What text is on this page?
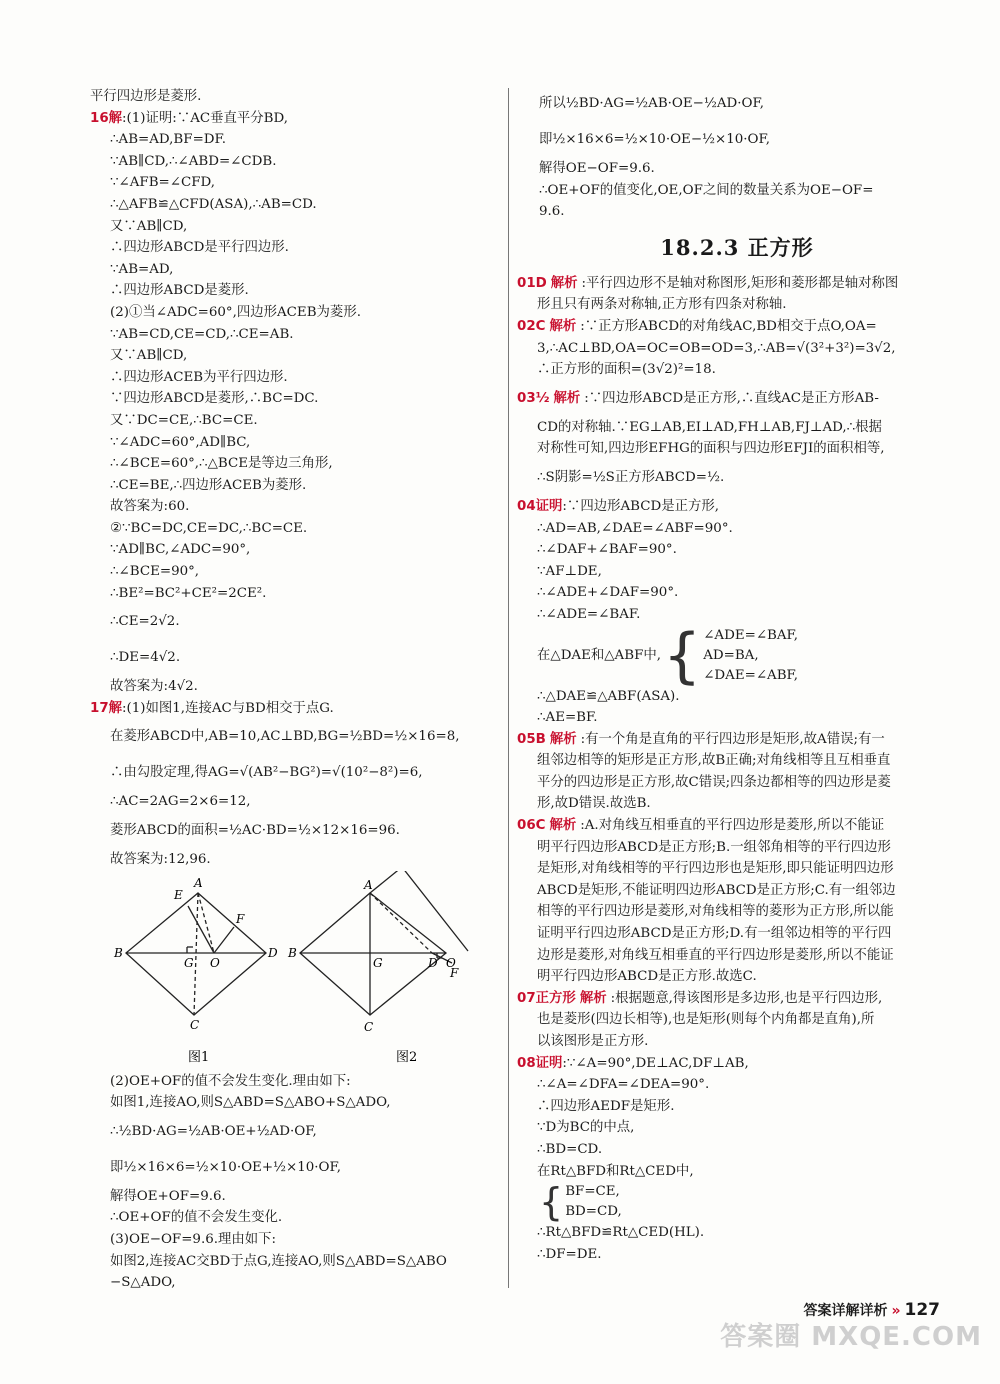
平行四边形是菱形.
16解:(1)证明:∵AC垂直平分BD,
∴AB=AD,BF=DF.
∵AB∥CD,∴∠ABD=∠CDB.
∵∠AFB=∠CFD,
∴△AFB≌△CFD(ASA),∴AB=CD.
又∵AB∥CD,
∴四边形ABCD是平行四边形.
∵AB=AD,
∴四边形ABCD是菱形.
(2)①当∠ADC=60°,四边形ACEB为菱形.
∵AB=CD,CE=CD,∴CE=AB.
又∵AB∥CD,
∴四边形ACEB为平行四边形.
∵四边形ABCD是菱形,∴BC=DC.
又∵DC=CE,∴BC=CE.
∵∠ADC=60°,AD∥BC,
∴∠BCE=60°,∴△BCE是等边三角形,
∴CE=BE,∴四边形ACEB为菱形.
故答案为:60.
②∵BC=DC,CE=DC,∴BC=CE.
∵AD∥BC,∠ADC=90°,
∴∠BCE=90°,
∴BE²=BC²+CE²=2CE².
∴CE=2√2.
∴DE=4√2.
故答案为:4√2.
17解:(1)如图1,连接AC与BD相交于点G.
在菱形ABCD中,AB=10,AC⊥BD,BG=½BD=½×16=8,
∴由勾股定理,得AG=√(AB²−BG²)=√(10²−8²)=6,
∴AC=2AG=2×6=12,
菱形ABCD的面积=½AC·BD=½×12×16=96.
故答案为:12,96.
E
A
F
B
G O
D
C
图1
A
B
G	D O
F
C
图2
(2)OE+OF的值不会发生变化.理由如下:
如图1,连接AO,则S△ABD=S△ABO+S△ADO,
∴½BD·AG=½AB·OE+½AD·OF,
即½×16×6=½×10·OE+½×10·OF,
解得OE+OF=9.6.
∴OE+OF的值不会发生变化.
(3)OE−OF=9.6.理由如下:
如图2,连接AC交BD于点G,连接AO,则S△ABD=S△ABO
−S△ADO,
所以½BD·AG=½AB·OE−½AD·OF,
即½×16×6=½×10·OE−½×10·OF,
解得OE−OF=9.6.
∴OE+OF的值变化,OE,OF之间的数量关系为OE−OF=
9.6.
18.2.3 正方形
01D 解析 :平行四边形不是轴对称图形,矩形和菱形都是轴对称图
形且只有两条对称轴,正方形有四条对称轴.
02C 解析 :∵正方形ABCD的对角线AC,BD相交于点O,OA=
3,∴AC⊥BD,OA=OC=OB=OD=3,∴AB=√(3²+3²)=3√2,
∴正方形的面积=(3√2)²=18.
03½ 解析 :∵四边形ABCD是正方形,∴直线AC是正方形AB-
CD的对称轴.∵EG⊥AB,EI⊥AD,FH⊥AB,FJ⊥AD,∴根据
对称性可知,四边形EFHG的面积与四边形EFJI的面积相等,
∴S阴影=½S正方形ABCD=½.
04证明:∵四边形ABCD是正方形,
∴AD=AB,∠DAE=∠ABF=90°.
∴∠DAF+∠BAF=90°.
∵AF⊥DE,
∴∠ADE+∠DAF=90°.
∴∠ADE=∠BAF.
在△DAE和△ABF中, { ∠ADE=∠BAF,
AD=BA,
∠DAE=∠ABF,
∴△DAE≌△ABF(ASA).
∴AE=BF.
05B 解析 :有一个角是直角的平行四边形是矩形,故A错误;有一
组邻边相等的矩形是正方形,故B正确;对角线相等且互相垂直
平分的四边形是正方形,故C错误;四条边都相等的四边形是菱
形,故D错误.故选B.
06C 解析 :A.对角线互相垂直的平行四边形是菱形,所以不能证
明平行四边形ABCD是正方形;B.一组邻角相等的平行四边形
是矩形,对角线相等的平行四边形也是矩形,即只能证明四边形
ABCD是矩形,不能证明四边形ABCD是正方形;C.有一组邻边
相等的平行四边形是菱形,对角线相等的菱形为正方形,所以能
证明平行四边形ABCD是正方形;D.有一组邻边相等的平行四
边形是菱形,对角线互相垂直的平行四边形是菱形,所以不能证
明平行四边形ABCD是正方形.故选C.
07正方形 解析 :根据题意,得该图形是多边形,也是平行四边形,
也是菱形(四边长相等),也是矩形(则每个内角都是直角),所
以该图形是正方形.
08证明:∵∠A=90°,DE⊥AC,DF⊥AB,
∴∠A=∠DFA=∠DEA=90°.
∴四边形AEDF是矩形.
∵D为BC的中点,
∴BD=CD.
在Rt△BFD和Rt△CED中,
{ BF=CE,
BD=CD,
∴Rt△BFD≌Rt△CED(HL).
∴DF=DE.
答案详解详析 » 127
答案圈 MXQE.COM
